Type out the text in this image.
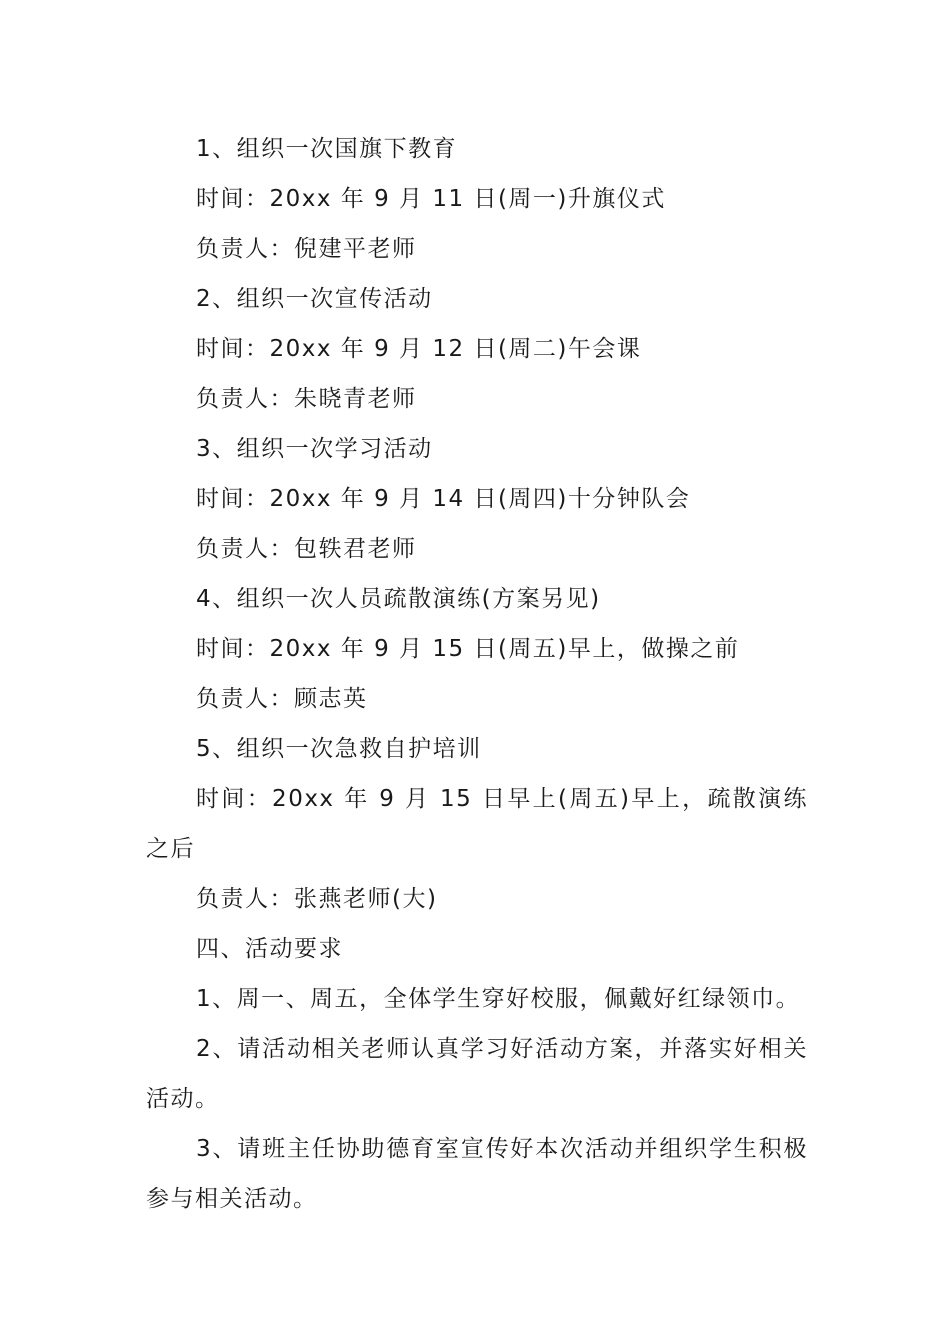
1、组织一次国旗下教育

时间：20xx 年 9 月 11 日(周一)升旗仪式

负责人：倪建平老师

2、组织一次宣传活动

时间：20xx 年 9 月 12 日(周二)午会课

负责人：朱晓青老师

3、组织一次学习活动

时间：20xx 年 9 月 14 日(周四)十分钟队会

负责人：包轶君老师

4、组织一次人员疏散演练(方案另见)

时间：20xx 年 9 月 15 日(周五)早上，做操之前

负责人：顾志英

5、组织一次急救自护培训

时间：20xx 年 9 月 15 日早上(周五)早上，疏散演练之后

负责人：张燕老师(大)

四、活动要求

1、周一、周五，全体学生穿好校服，佩戴好红绿领巾。

2、请活动相关老师认真学习好活动方案，并落实好相关活动。

3、请班主任协助德育室宣传好本次活动并组织学生积极参与相关活动。
